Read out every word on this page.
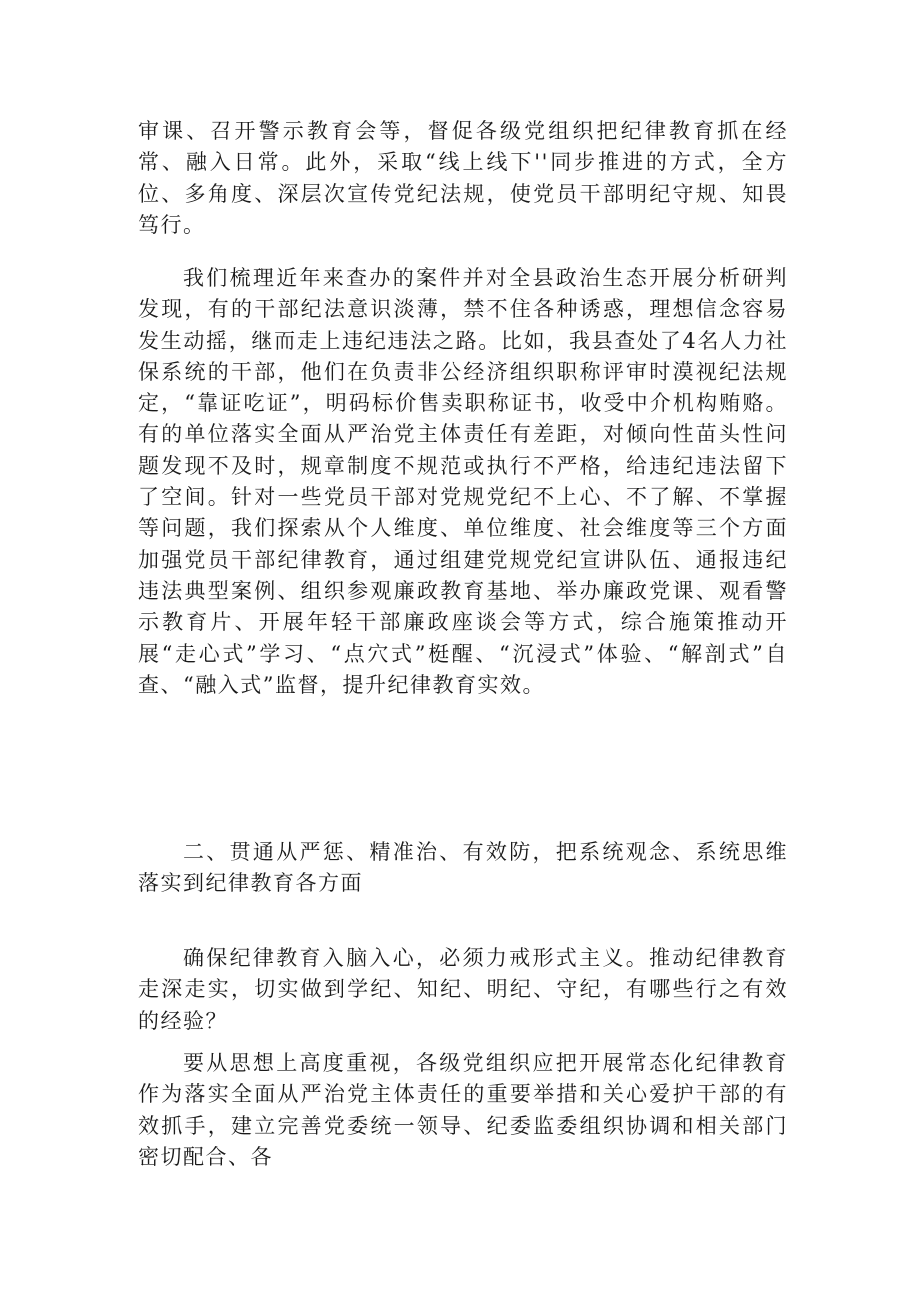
审课、召开警示教育会等，督促各级党组织把纪律教育抓在经常、融入日常。此外，采取“线上线下''同步推进的方式，全方位、多角度、深层次宣传党纪法规，使党员干部明纪守规、知畏笃行。

我们梳理近年来查办的案件并对全县政治生态开展分析研判发现，有的干部纪法意识淡薄，禁不住各种诱惑，理想信念容易发生动摇，继而走上违纪违法之路。比如，我县查处了4名人力社保系统的干部，他们在负责非公经济组织职称评审时漠视纪法规定，“靠证吃证”，明码标价售卖职称证书，收受中介机构贿赂。有的单位落实全面从严治党主体责任有差距，对倾向性苗头性问题发现不及时，规章制度不规范或执行不严格，给违纪违法留下了空间。针对一些党员干部对党规党纪不上心、不了解、不掌握等问题，我们探索从个人维度、单位维度、社会维度等三个方面加强党员干部纪律教育，通过组建党规党纪宣讲队伍、通报违纪违法典型案例、组织参观廉政教育基地、举办廉政党课、观看警示教育片、开展年轻干部廉政座谈会等方式，综合施策推动开展“走心式”学习、“点穴式”梃醒、“沉浸式”体验、“解剖式”自查、“融入式”监督，提升纪律教育实效。

二、贯通从严惩、精准治、有效防，把系统观念、系统思维落实到纪律教育各方面

确保纪律教育入脑入心，必须力戒形式主义。推动纪律教育走深走实，切实做到学纪、知纪、明纪、守纪，有哪些行之有效的经验？

要从思想上高度重视，各级党组织应把开展常态化纪律教育作为落实全面从严治党主体责任的重要举措和关心爱护干部的有效抓手，建立完善党委统一领导、纪委监委组织协调和相关部门密切配合、各
